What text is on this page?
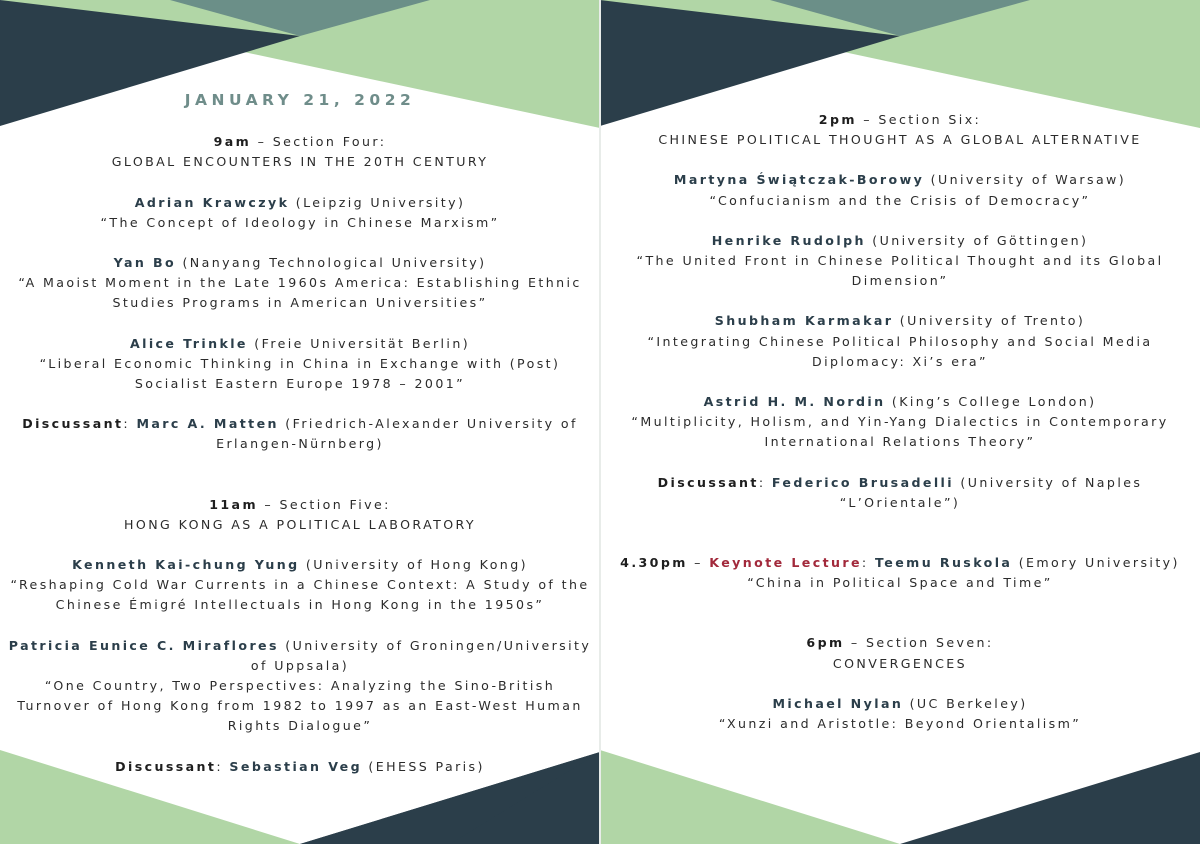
JANUARY 21, 2022
9am – Section Four:
GLOBAL ENCOUNTERS IN THE 20TH CENTURY
Adrian Krawczyk (Leipzig University)
“The Concept of Ideology in Chinese Marxism”
Yan Bo (Nanyang Technological University)
“A Maoist Moment in the Late 1960s America: Establishing Ethnic
Studies Programs in American Universities”
Alice Trinkle (Freie Universität Berlin)
“Liberal Economic Thinking in China in Exchange with (Post)
Socialist Eastern Europe 1978 – 2001”
Discussant: Marc A. Matten (Friedrich-Alexander University of
Erlangen-Nürnberg)
11am – Section Five:
HONG KONG AS A POLITICAL LABORATORY
Kenneth Kai-chung Yung (University of Hong Kong)
“Reshaping Cold War Currents in a Chinese Context: A Study of the
Chinese Émigré Intellectuals in Hong Kong in the 1950s”
Patricia Eunice C. Miraflores (University of Groningen/University
of Uppsala)
“One Country, Two Perspectives: Analyzing the Sino-British
Turnover of Hong Kong from 1982 to 1997 as an East-West Human
Rights Dialogue”
Discussant: Sebastian Veg (EHESS Paris)
2pm – Section Six:
CHINESE POLITICAL THOUGHT AS A GLOBAL ALTERNATIVE
Martyna Świątczak-Borowy (University of Warsaw)
“Confucianism and the Crisis of Democracy”
Henrike Rudolph (University of Göttingen)
“The United Front in Chinese Political Thought and its Global
Dimension”
Shubham Karmakar (University of Trento)
“Integrating Chinese Political Philosophy and Social Media
Diplomacy: Xi’s era”
Astrid H. M. Nordin (King’s College London)
“Multiplicity, Holism, and Yin-Yang Dialectics in Contemporary
International Relations Theory”
Discussant: Federico Brusadelli (University of Naples
“L’Orientale”)
4.30pm – Keynote Lecture: Teemu Ruskola (Emory University)
“China in Political Space and Time”
6pm – Section Seven:
CONVERGENCES
Michael Nylan (UC Berkeley)
“Xunzi and Aristotle: Beyond Orientalism”
